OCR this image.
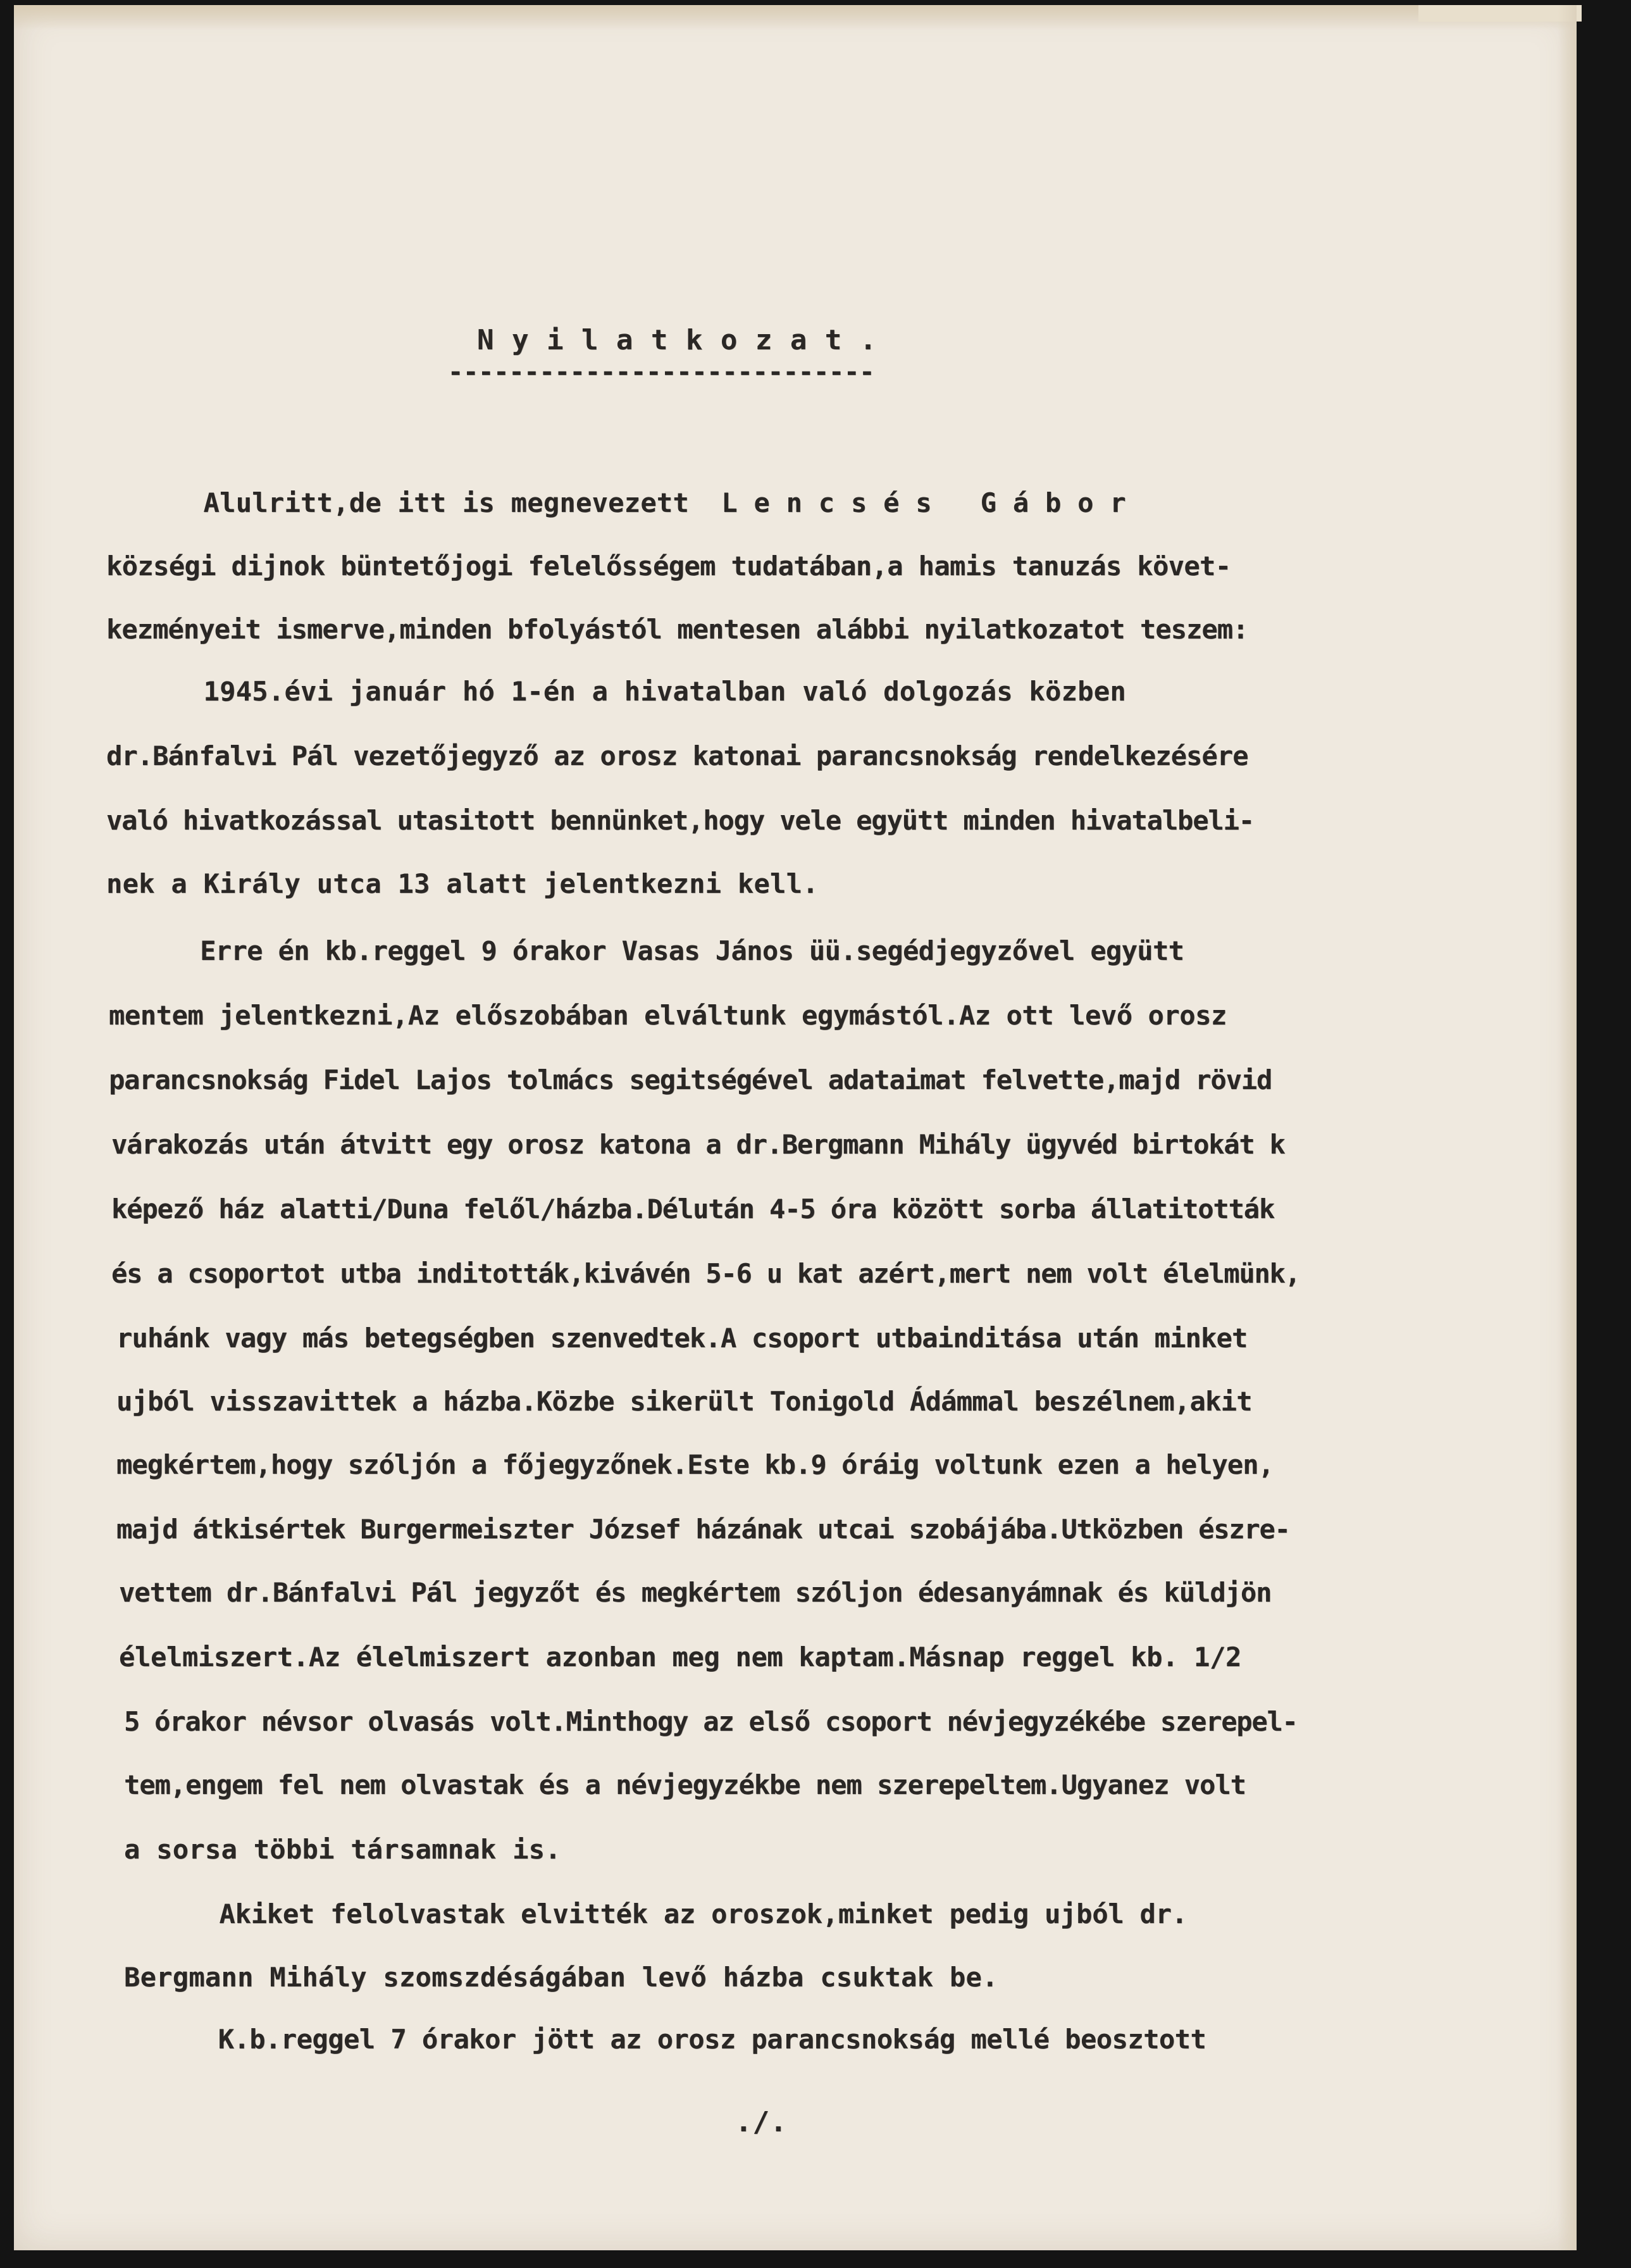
N y i l a t k o z a t .
----------------------------
Alulritt,de itt is megnevezett  L e n c s é s   G á b o r
községi dijnok büntetőjogi felelősségem tudatában,a hamis tanuzás követ-
kezményeit ismerve,minden bfolyástól mentesen alábbi nyilatkozatot teszem:
1945.évi január hó 1-én a hivatalban való dolgozás közben
dr.Bánfalvi Pál vezetőjegyző az orosz katonai parancsnokság rendelkezésére
való hivatkozással utasitott bennünket,hogy vele együtt minden hivatalbeli-
nek a Király utca 13 alatt jelentkezni kell.
Erre én kb.reggel 9 órakor Vasas János üü.segédjegyzővel együtt
mentem jelentkezni,Az előszobában elváltunk egymástól.Az ott levő orosz
parancsnokság Fidel Lajos tolmács segitségével adataimat felvette,majd rövid
várakozás után átvitt egy orosz katona a dr.Bergmann Mihály ügyvéd birtokát k
képező ház alatti/Duna felől/házba.Délután 4-5 óra között sorba állatitották
és a csoportot utba inditották,kivávén 5-6 u kat azért,mert nem volt élelmünk,
ruhánk vagy más betegségben szenvedtek.A csoport utbainditása után minket
ujból visszavittek a házba.Közbe sikerült Tonigold Ádámmal beszélnem,akit
megkértem,hogy szóljón a főjegyzőnek.Este kb.9 óráig voltunk ezen a helyen,
majd átkisértek Burgermeiszter József házának utcai szobájába.Utközben észre-
vettem dr.Bánfalvi Pál jegyzőt és megkértem szóljon édesanyámnak és küldjön
élelmiszert.Az élelmiszert azonban meg nem kaptam.Másnap reggel kb. 1/2
5 órakor névsor olvasás volt.Minthogy az első csoport névjegyzékébe szerepel-
tem,engem fel nem olvastak és a névjegyzékbe nem szerepeltem.Ugyanez volt
a sorsa többi társamnak is.
Akiket felolvastak elvitték az oroszok,minket pedig ujból dr.
Bergmann Mihály szomszdéságában levő házba csuktak be.
K.b.reggel 7 órakor jött az orosz parancsnokság mellé beosztott
./.
